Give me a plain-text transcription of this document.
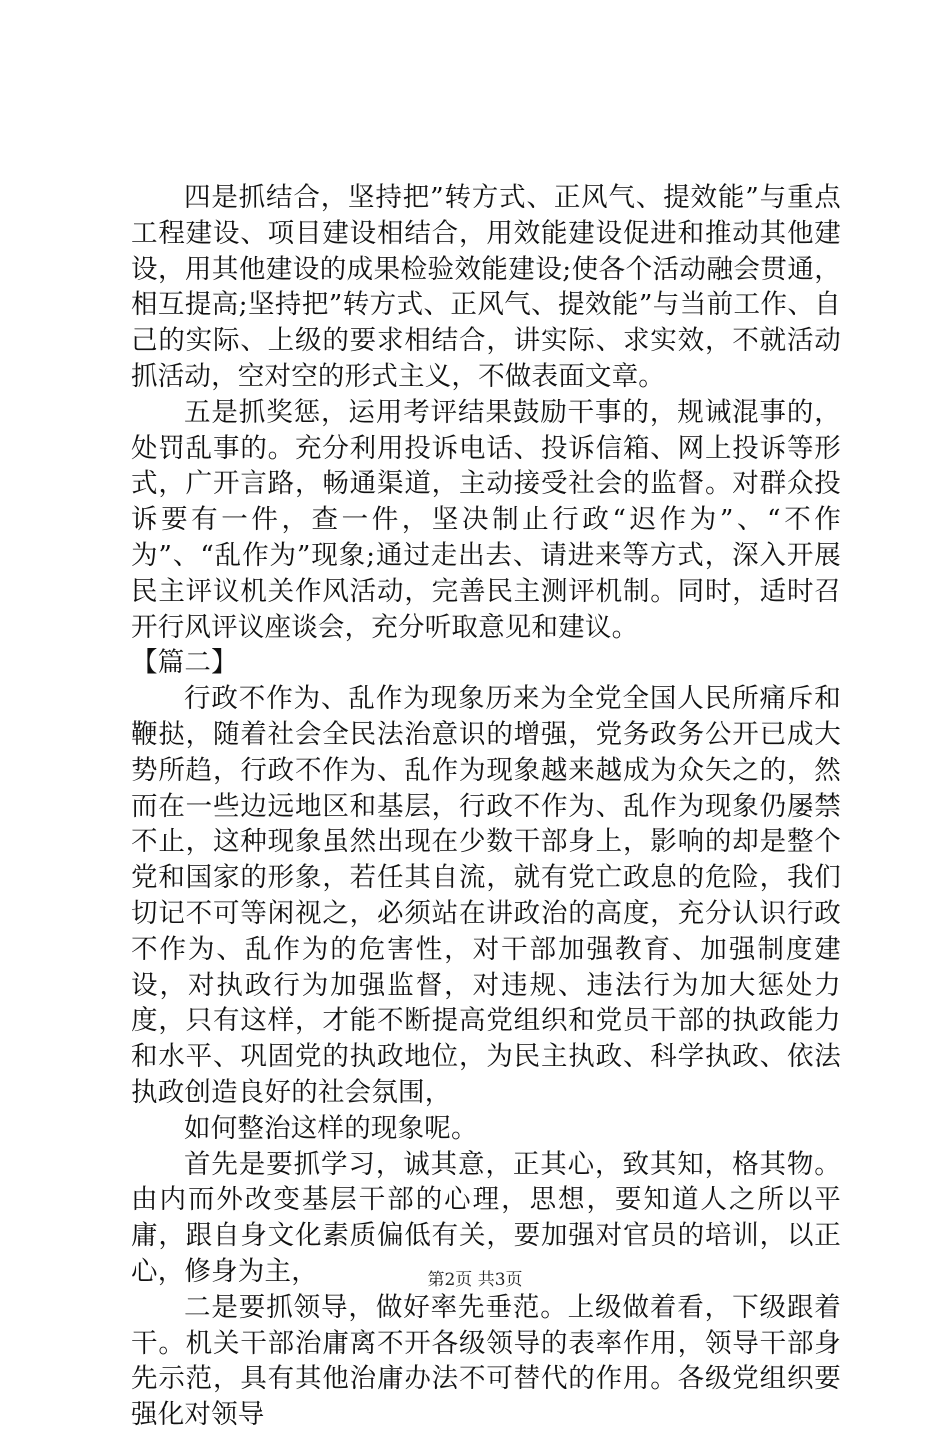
四是抓结合，坚持把”转方式、正风气、提效能”与重点工程建设、项目建设相结合，用效能建设促进和推动其他建设，用其他建设的成果检验效能建设;使各个活动融会贯通，相互提高;坚持把”转方式、正风气、提效能”与当前工作、自己的实际、上级的要求相结合，讲实际、求实效，不就活动抓活动，空对空的形式主义，不做表面文章。

五是抓奖惩，运用考评结果鼓励干事的，规诫混事的，处罚乱事的。充分利用投诉电话、投诉信箱、网上投诉等形式，广开言路，畅通渠道，主动接受社会的监督。对群众投诉要有一件，查一件，坚决制止行政“迟作为”、“不作为”、“乱作为”现象;通过走出去、请进来等方式，深入开展民主评议机关作风活动，完善民主测评机制。同时，适时召开行风评议座谈会，充分听取意见和建议。

【篇二】

行政不作为、乱作为现象历来为全党全国人民所痛斥和鞭挞，随着社会全民法治意识的增强，党务政务公开已成大势所趋，行政不作为、乱作为现象越来越成为众矢之的，然而在一些边远地区和基层，行政不作为、乱作为现象仍屡禁不止，这种现象虽然出现在少数干部身上，影响的却是整个党和国家的形象，若任其自流，就有党亡政息的危险，我们切记不可等闲视之，必须站在讲政治的高度，充分认识行政不作为、乱作为的危害性，对干部加强教育、加强制度建设，对执政行为加强监督，对违规、违法行为加大惩处力度，只有这样，才能不断提高党组织和党员干部的执政能力和水平、巩固党的执政地位，为民主执政、科学执政、依法执政创造良好的社会氛围，

如何整治这样的现象呢。

首先是要抓学习，诚其意，正其心，致其知，格其物。由内而外改变基层干部的心理，思想，要知道人之所以平庸，跟自身文化素质偏低有关，要加强对官员的培训，以正心，修身为主，

二是要抓领导，做好率先垂范。上级做着看，下级跟着干。机关干部治庸离不开各级领导的表率作用，领导干部身先示范，具有其他治庸办法不可替代的作用。各级党组织要强化对领导

第2页 共3页
